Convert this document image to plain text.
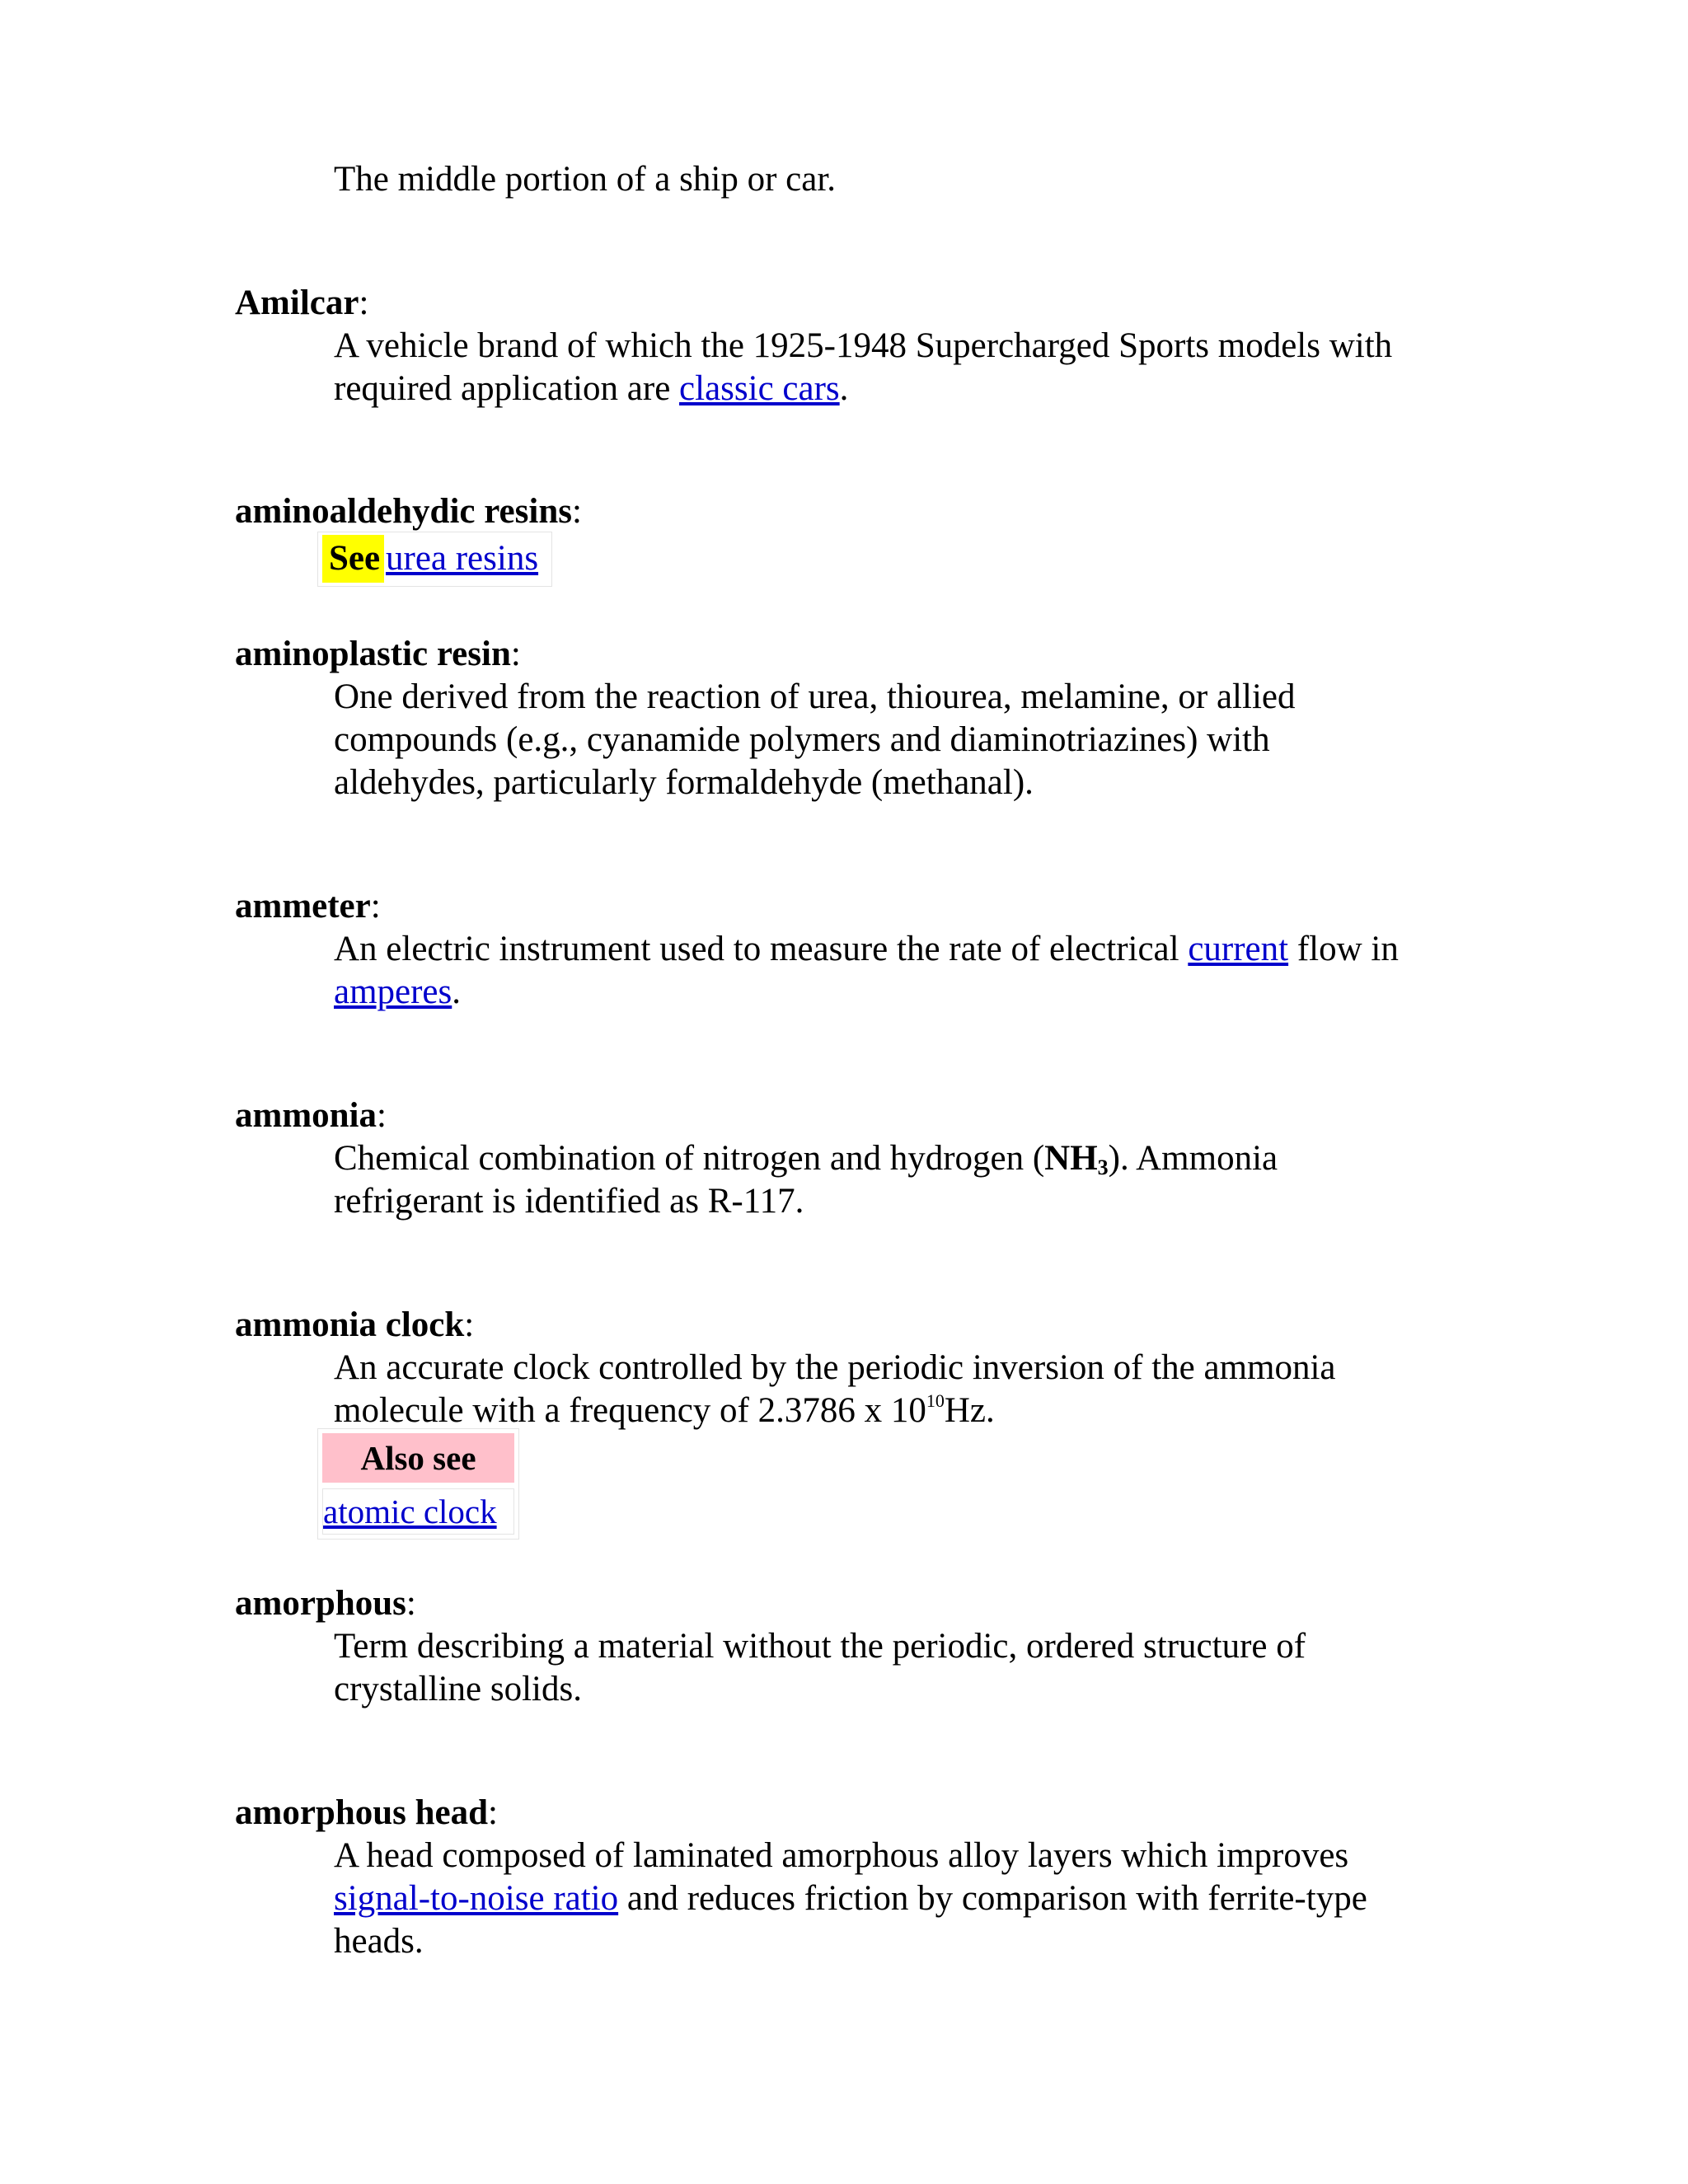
The middle portion of a ship or car.
Amilcar:
A vehicle brand of which the 1925-1948 Supercharged Sports models with
required application are classic cars.
aminoaldehydic resins:
See urea resins
aminoplastic resin:
One derived from the reaction of urea, thiourea, melamine, or allied
compounds (e.g., cyanamide polymers and diaminotriazines) with
aldehydes, particularly formaldehyde (methanal).
ammeter:
An electric instrument used to measure the rate of electrical current flow in
amperes.
ammonia:
Chemical combination of nitrogen and hydrogen $(NH_3)$. Ammonia
refrigerant is identified as R-117.
ammonia clock:
An accurate clock controlled by the periodic inversion of the ammonia
molecule with a frequency of 2.3786 x $10^{10}Hz$.
Also see
atomic clock
amorphous:
Term describing a material without the periodic, ordered structure of
crystalline solids.
amorphous head:
A head composed of laminated amorphous alloy layers which improves
signal-to-noise ratio and reduces friction by comparison with ferrite-type
heads.
